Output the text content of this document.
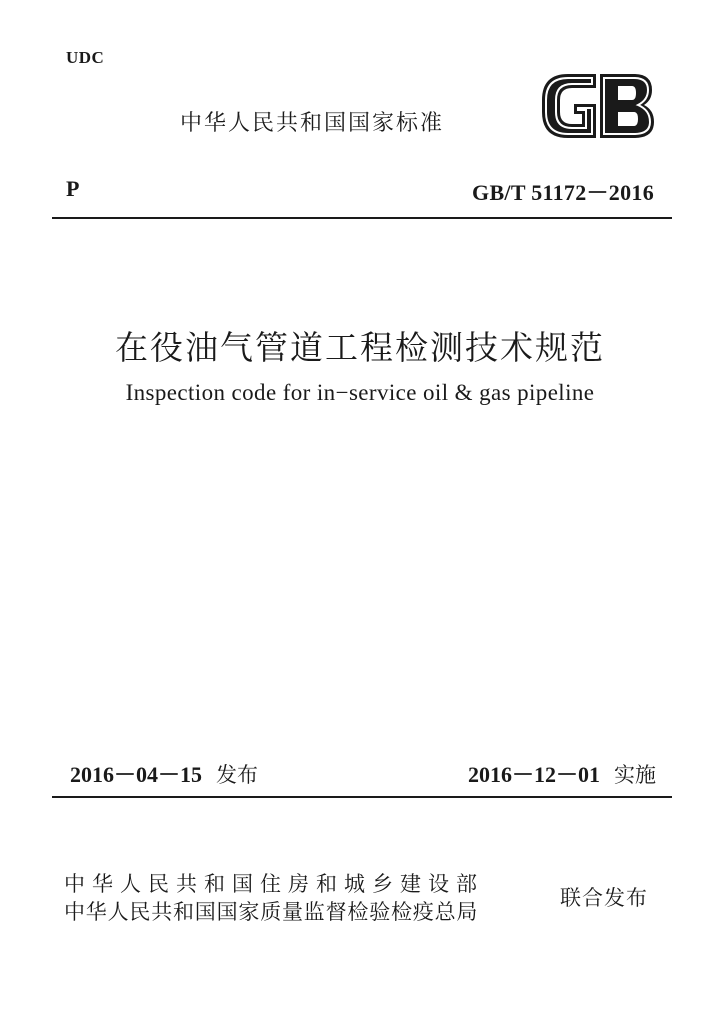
UDC
中华人民共和国国家标准
P	GB/T 51172－2016
在役油气管道工程检测技术规范
Inspection code for in−service oil & gas pipeline
2016－04－15 发布	2016－12－01 实施
中华人民共和国住房和城乡建设部
中华人民共和国国家质量监督检验检疫总局
联合发布
